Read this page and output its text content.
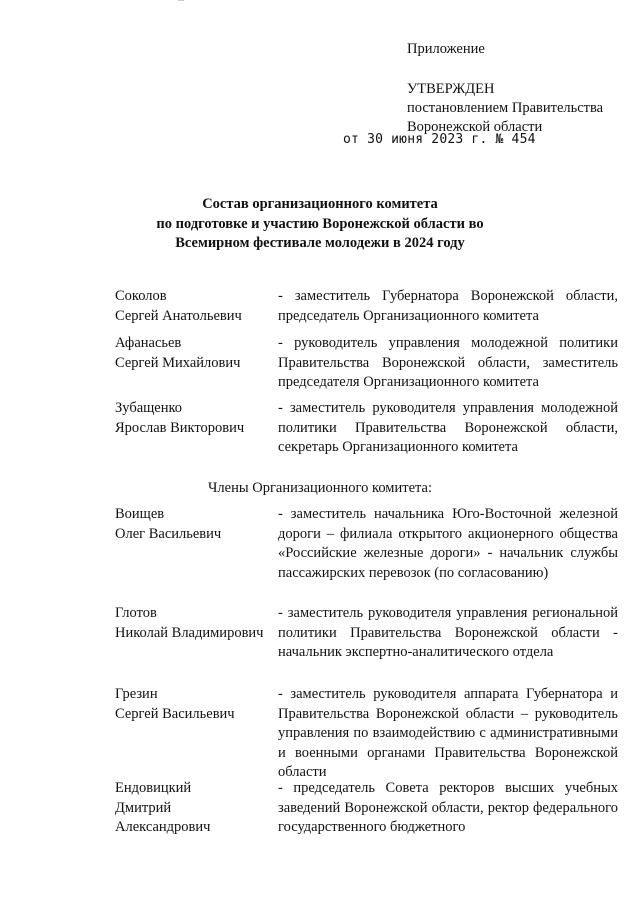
Приложение

УТВЕРЖДЕН

постановлением Правительства

Воронежской области

от 30 июня 2023 г. № 454
Состав организационного комитета
по подготовке и участию Воронежской области во
Всемирном фестивале молодежи в 2024 году
Соколов
Сергей Анатольевич
- заместитель Губернатора Воронежской области, председатель Организационного комитета
Афанасьев
Сергей Михайлович
- руководитель управления молодежной политики Правительства Воронежской области, заместитель председателя Организационного комитета
Зубащенко
Ярослав Викторович
- заместитель руководителя управления молодежной политики Правительства Воронежской области, секретарь Организационного комитета
Члены Организационного комитета:
Воищев
Олег Васильевич
- заместитель начальника Юго-Восточной железной дороги – филиала открытого акционерного общества «Российские железные дороги» - начальник службы пассажирских перевозок (по согласованию)
Глотов
Николай Владимирович
- заместитель руководителя управления региональной политики Правительства Воронежской области - начальник экспертно-аналитического отдела
Грезин
Сергей Васильевич
- заместитель руководителя аппарата Губернатора и Правительства Воронежской области – руководитель управления по взаимодействию с административными и военными органами Правительства Воронежской области
Ендовицкий
Дмитрий
Александрович
- председатель Совета ректоров высших учебных заведений Воронежской области, ректор федерального государственного бюджетного
